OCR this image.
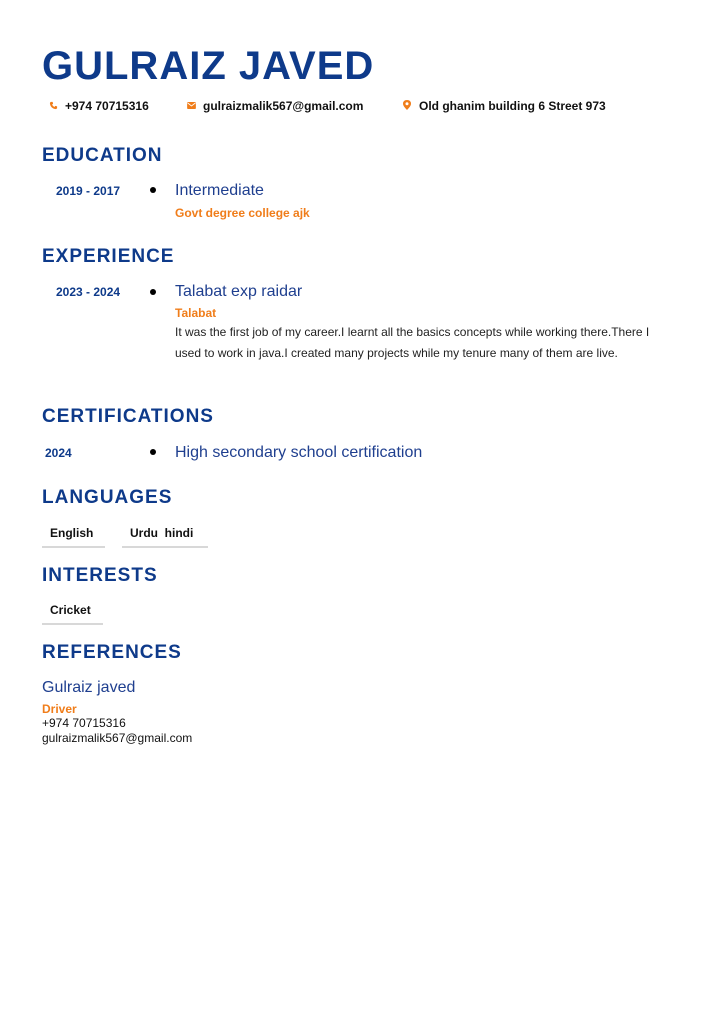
GULRAIZ JAVED
+974 70715316	gulraizmalik567@gmail.com	Old ghanim building 6 Street 973
EDUCATION
2019 - 2017	Intermediate
Govt degree college ajk
EXPERIENCE
2023 - 2024	Talabat exp raidar
Talabat
It was the first job of my career.I learnt all the basics concepts while working there.There I used to work in java.I created many projects while my tenure many of them are live.
CERTIFICATIONS
2024	High secondary school certification
LANGUAGES
English	Urdu  hindi
INTERESTS
Cricket
REFERENCES
Gulraiz javed
Driver
+974 70715316
gulraizmalik567@gmail.com
